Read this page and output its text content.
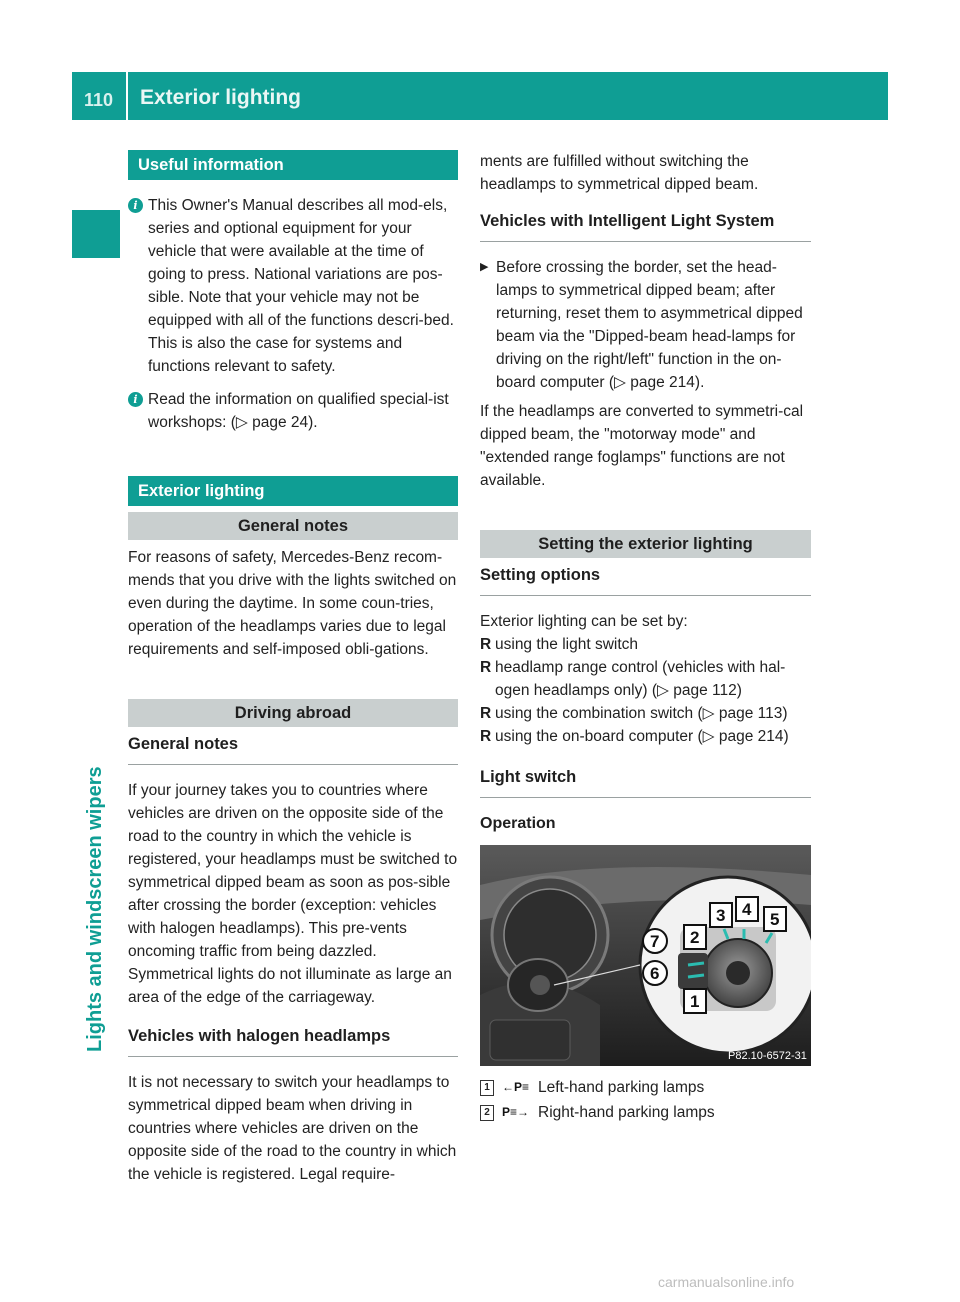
110	Exterior lighting
Lights and windscreen wipers
Useful information
i This Owner's Manual describes all mod-els, series and optional equipment for your vehicle that were available at the time of going to press. National variations are pos-sible. Note that your vehicle may not be equipped with all of the functions descri-bed. This is also the case for systems and functions relevant to safety.

i Read the information on qualified special-ist workshops: (▷ page 24).

Exterior lighting
General notes

For reasons of safety, Mercedes-Benz recom-mends that you drive with the lights switched on even during the daytime. In some coun-tries, operation of the headlamps varies due to legal requirements and self-imposed obli-gations.

Driving abroad
General notes

If your journey takes you to countries where vehicles are driven on the opposite side of the road to the country in which the vehicle is registered, your headlamps must be switched to symmetrical dipped beam as soon as pos-sible after crossing the border (exception: vehicles with halogen headlamps). This pre-vents oncoming traffic from being dazzled. Symmetrical lights do not illuminate as large an area of the edge of the carriageway.

Vehicles with halogen headlamps

It is not necessary to switch your headlamps to symmetrical dipped beam when driving in countries where vehicles are driven on the opposite side of the road to the country in which the vehicle is registered. Legal require-

ments are fulfilled without switching the headlamps to symmetrical dipped beam.

Vehicles with Intelligent Light System
▶ Before crossing the border, set the head-lamps to symmetrical dipped beam; after returning, reset them to asymmetrical dipped beam via the "Dipped-beam head-lamps for driving on the right/left" function in the on-board computer (▷ page 214).

If the headlamps are converted to symmetri-cal dipped beam, the "motorway mode" and "extended range foglamps" functions are not available.

Setting the exterior lighting
Setting options

Exterior lighting can be set by:

R using the light switch
R headlamp range control (vehicles with hal-ogen headlamps only) (▷ page 112)
R using the combination switch (▷ page 113)
R using the on-board computer (▷ page 214)
Light switch
Operation
1
2
3 4
5
6
7
P82.10-6572-31
1	←P≡ Left-hand parking lamps
2	P≡→ Right-hand parking lamps
carmanualsonline.info
